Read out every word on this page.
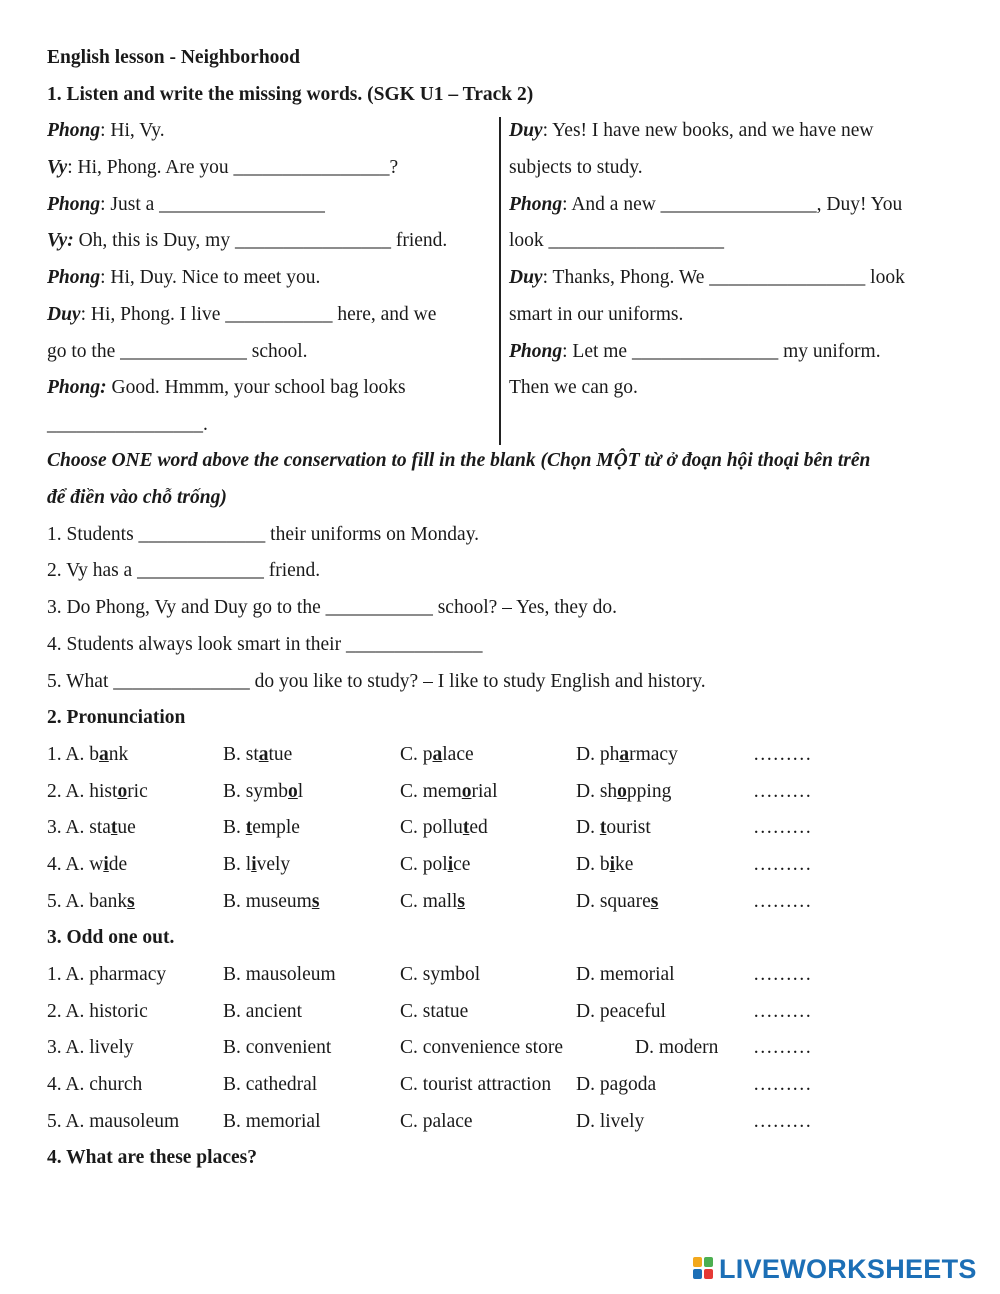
English lesson - Neighborhood
1. Listen and write the missing words. (SGK U1 – Track 2)
Phong: Hi, Vy.
Vy: Hi, Phong. Are you ________________?
Phong: Just a _________________
Vy: Oh, this is Duy, my ________________ friend.
Phong: Hi, Duy. Nice to meet you.
Duy: Hi, Phong. I live ___________ here, and we
go to the _____________ school.
Phong: Good. Hmmm, your school bag looks
________________.
Duy: Yes! I have new books, and we have new
subjects to study.
Phong: And a new ________________, Duy! You
look __________________
Duy: Thanks, Phong. We ________________ look
smart in our uniforms.
Phong: Let me _______________ my uniform.
Then we can go.
Choose ONE word above the conservation to fill in the blank (Chọn MỘT từ ở đoạn hội thoại bên trên
để điền vào chỗ trống)
1. Students _____________ their uniforms on Monday.
2. Vy has a _____________ friend.
3. Do Phong, Vy and Duy go to the ___________ school? – Yes, they do.
4. Students always look smart in their ______________
5. What ______________ do you like to study? – I like to study English and history.
2. Pronunciation
1. A. bank	B. statue	C. palace	D. pharmacy	………
2. A. historic	B. symbol	C. memorial	D. shopping	………
3. A. statue	B. temple	C. polluted	D. tourist	………
4. A. wide	B. lively	C. police	D. bike	………
5. A. banks	B. museums	C. malls	D. squares	………
3. Odd one out.
1. A. pharmacy	B. mausoleum	C. symbol	D. memorial	………
2. A. historic	B. ancient	C. statue	D. peaceful	………
3. A. lively	B. convenient	C. convenience store	D. modern ………
4. A. church	B. cathedral	C. tourist attraction D. pagoda	………
5. A. mausoleum B. memorial	C. palace	D. lively	………
4. What are these places?
LIVEWORKSHEETS
